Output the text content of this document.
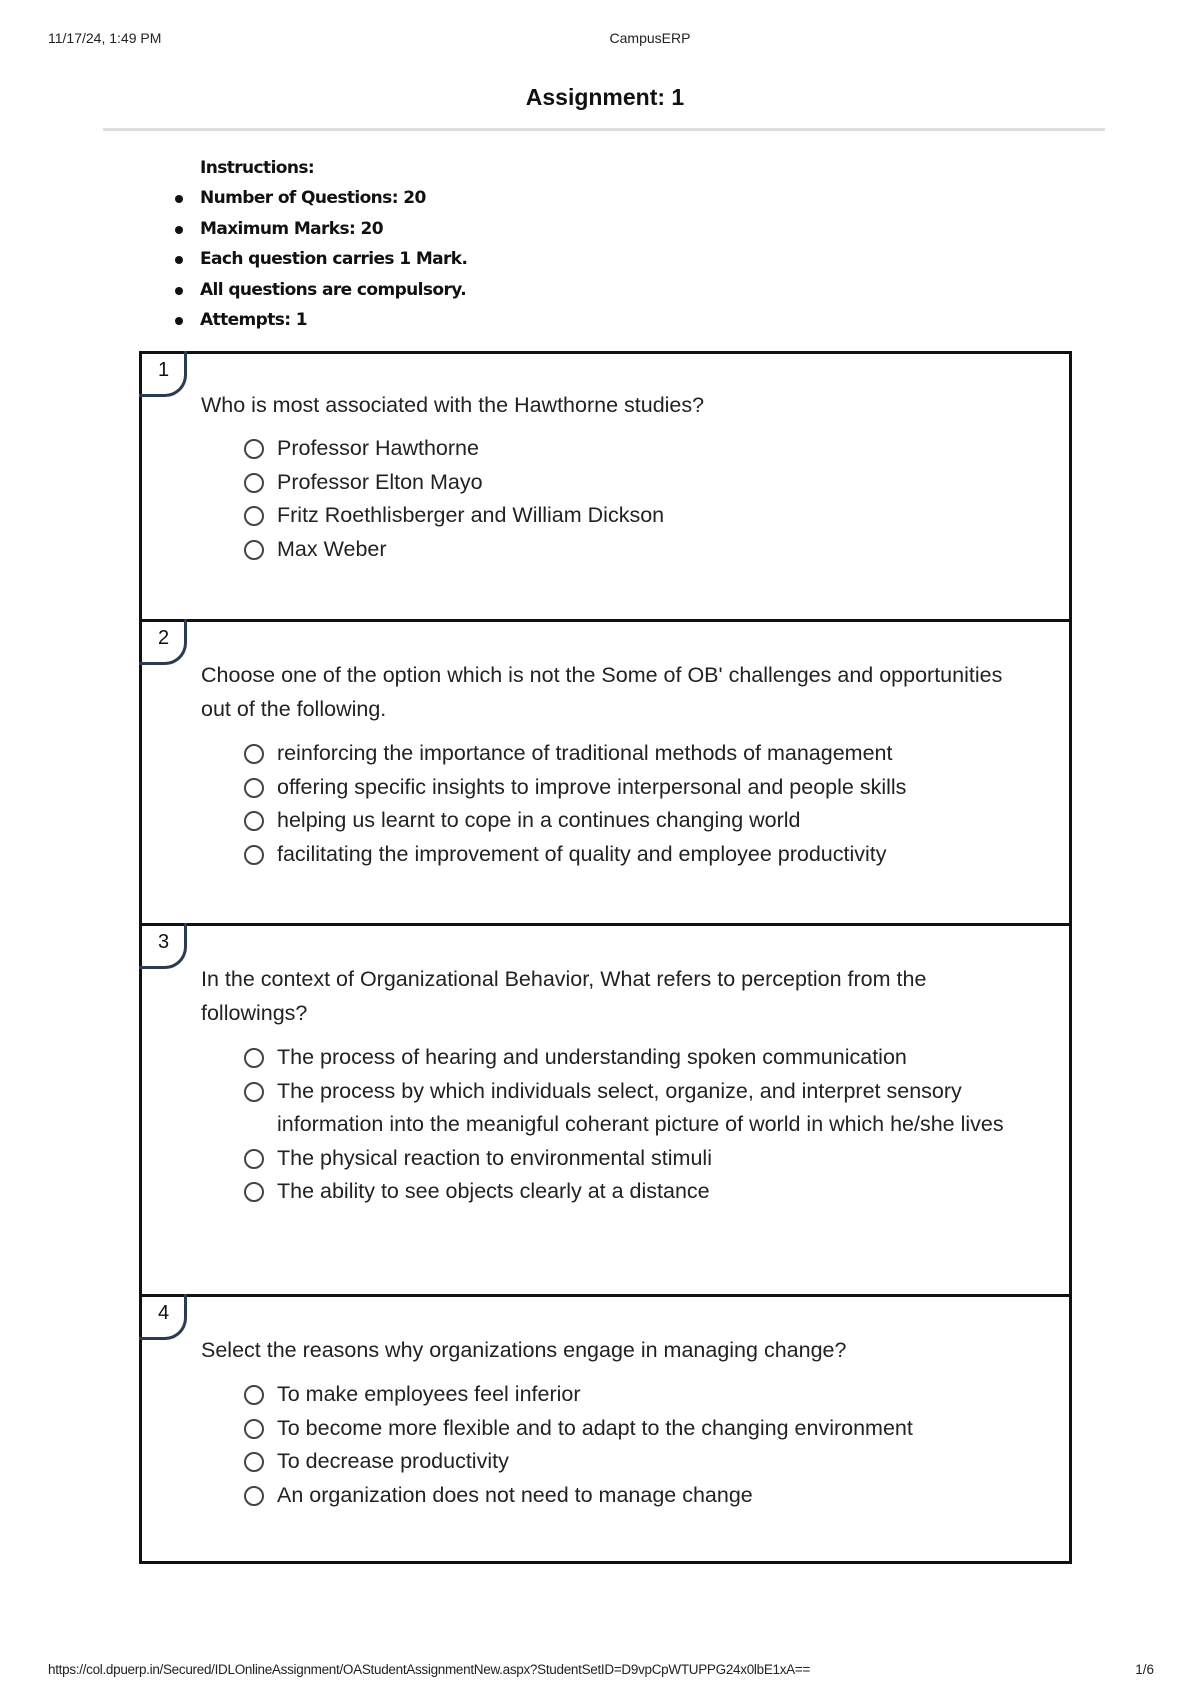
11/17/24, 1:49 PM	CampusERP
Assignment: 1
Instructions:
Number of Questions: 20
Maximum Marks: 20
Each question carries 1 Mark.
All questions are compulsory.
Attempts: 1
1
Who is most associated with the Hawthorne studies?
Professor Hawthorne
Professor Elton Mayo
Fritz Roethlisberger and William Dickson
Max Weber
2
Choose one of the option which is not the Some of OB' challenges and opportunities out of the following.
reinforcing the importance of traditional methods of management
offering specific insights to improve interpersonal and people skills
helping us learnt to cope in a continues changing world
facilitating the improvement of quality and employee productivity
3
In the context of Organizational Behavior, What refers to perception from the followings?
The process of hearing and understanding spoken communication
The process by which individuals select, organize, and interpret sensory information into the meanigful coherant picture of world in which he/she lives
The physical reaction to environmental stimuli
The ability to see objects clearly at a distance
4
Select the reasons why organizations engage in managing change?
To make employees feel inferior
To become more flexible and to adapt to the changing environment
To decrease productivity
An organization does not need to manage change
https://col.dpuerp.in/Secured/IDLOnlineAssignment/OAStudentAssignmentNew.aspx?StudentSetID=D9vpCpWTUPPG24x0lbE1xA==	1/6
